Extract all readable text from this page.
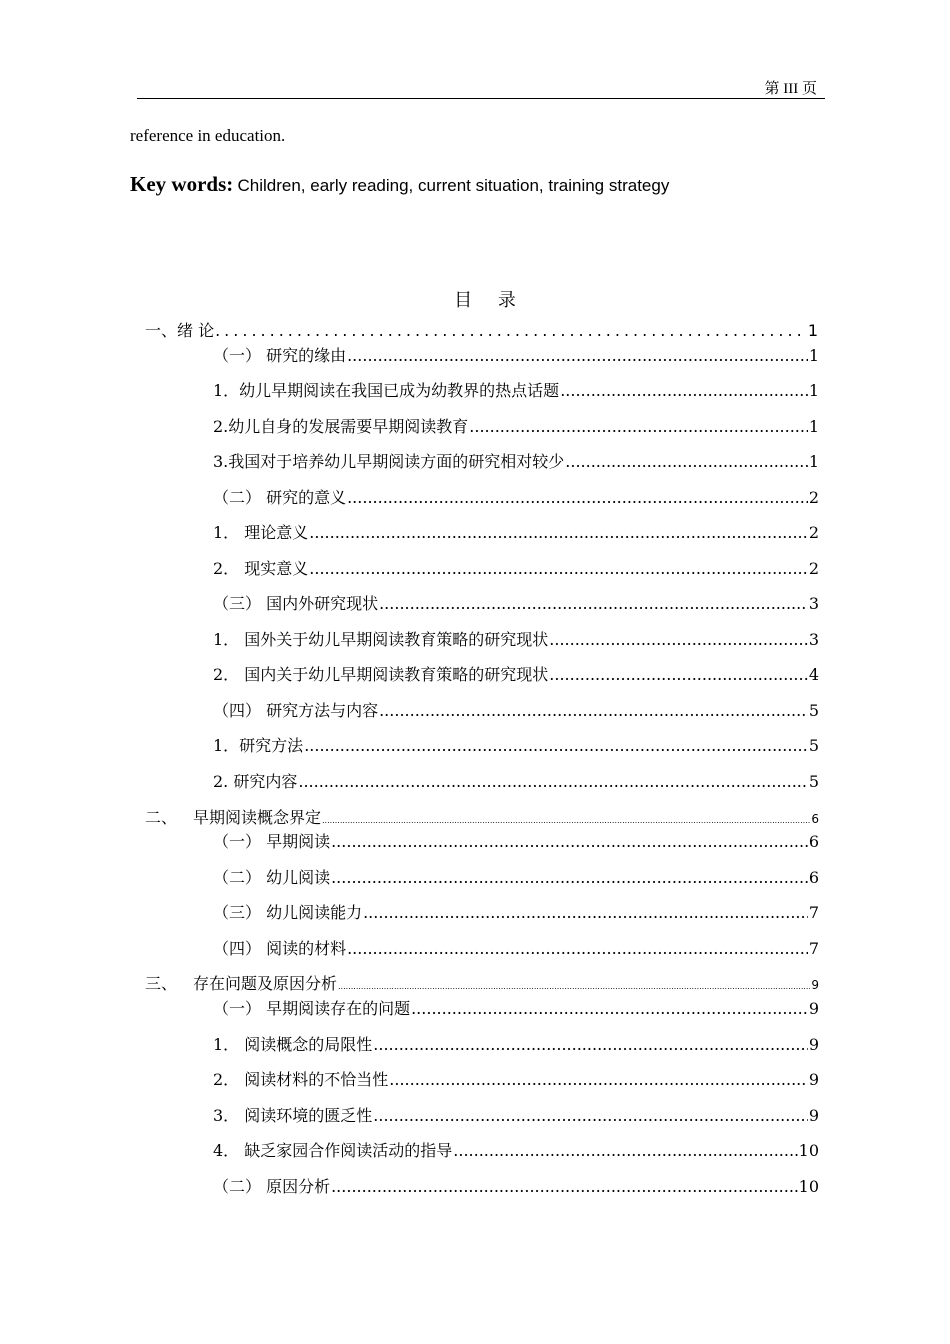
第 III 页
reference in education.
Key words: Children, early reading, current situation, training strategy
目 录
一、绪 论 .....	1
（一） 研究的缘由 .....	1
1．幼儿早期阅读在我国已成为幼教界的热点话题 .....	1
2.幼儿自身的发展需要早期阅读教育 .....	1
3.我国对于培养幼儿早期阅读方面的研究相对较少 .....	1
（二） 研究的意义 .....	2
1． 理论意义 .....	2
2． 现实意义 .....	2
（三） 国内外研究现状 .....	3
1． 国外关于幼儿早期阅读教育策略的研究现状 .....	3
2． 国内关于幼儿早期阅读教育策略的研究现状 .....	4
（四） 研究方法与内容 .....	5
1．研究方法 .....	5
2. 研究内容 .....	5
二、 早期阅读概念界定 .....	6
（一） 早期阅读 .....	6
（二） 幼儿阅读 .....	6
（三） 幼儿阅读能力 .....	7
（四） 阅读的材料 .....	7
三、 存在问题及原因分析 .....	9
（一） 早期阅读存在的问题 .....	9
1． 阅读概念的局限性 .....	9
2． 阅读材料的不恰当性 .....	9
3． 阅读环境的匮乏性 .....	9
4． 缺乏家园合作阅读活动的指导 .....	10
（二） 原因分析 .....	10
